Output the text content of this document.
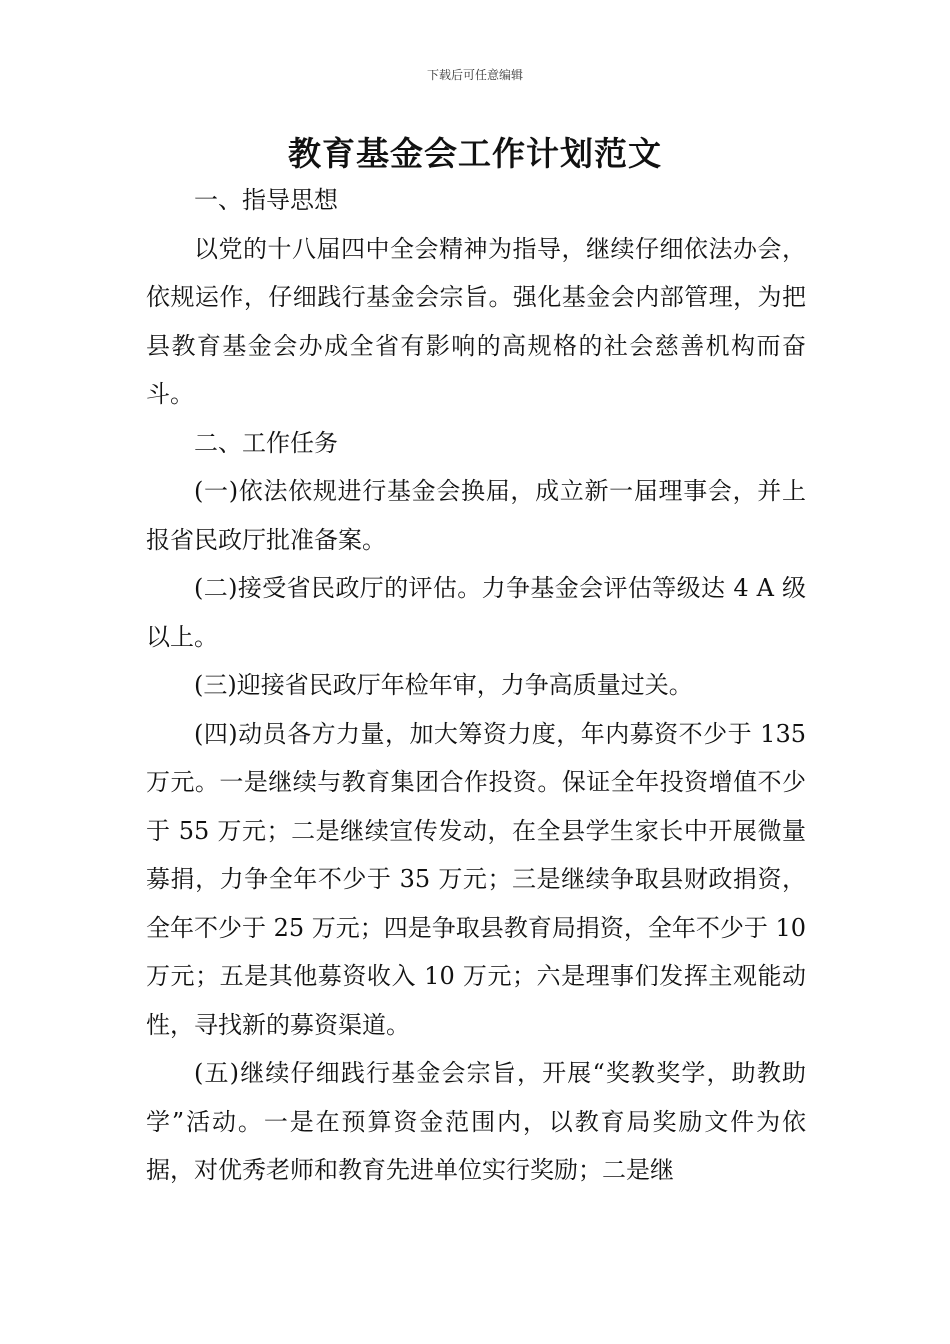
下载后可任意编辑
教育基金会工作计划范文

一、指导思想

以党的十八届四中全会精神为指导，继续仔细依法办会，依规运作，仔细践行基金会宗旨。强化基金会内部管理，为把县教育基金会办成全省有影响的高规格的社会慈善机构而奋斗。

二、工作任务

(一)依法依规进行基金会换届，成立新一届理事会，并上报省民政厅批准备案。

(二)接受省民政厅的评估。力争基金会评估等级达 4 A 级以上。

(三)迎接省民政厅年检年审，力争高质量过关。

(四)动员各方力量，加大筹资力度，年内募资不少于 135 万元。一是继续与教育集团合作投资。保证全年投资增值不少于 55 万元；二是继续宣传发动，在全县学生家长中开展微量募捐，力争全年不少于 35 万元；三是继续争取县财政捐资，全年不少于 25 万元；四是争取县教育局捐资，全年不少于 10 万元；五是其他募资收入 10 万元；六是理事们发挥主观能动性，寻找新的募资渠道。

(五)继续仔细践行基金会宗旨，开展“奖教奖学，助教助学”活动。一是在预算资金范围内，以教育局奖励文件为依据，对优秀老师和教育先进单位实行奖励；二是继
